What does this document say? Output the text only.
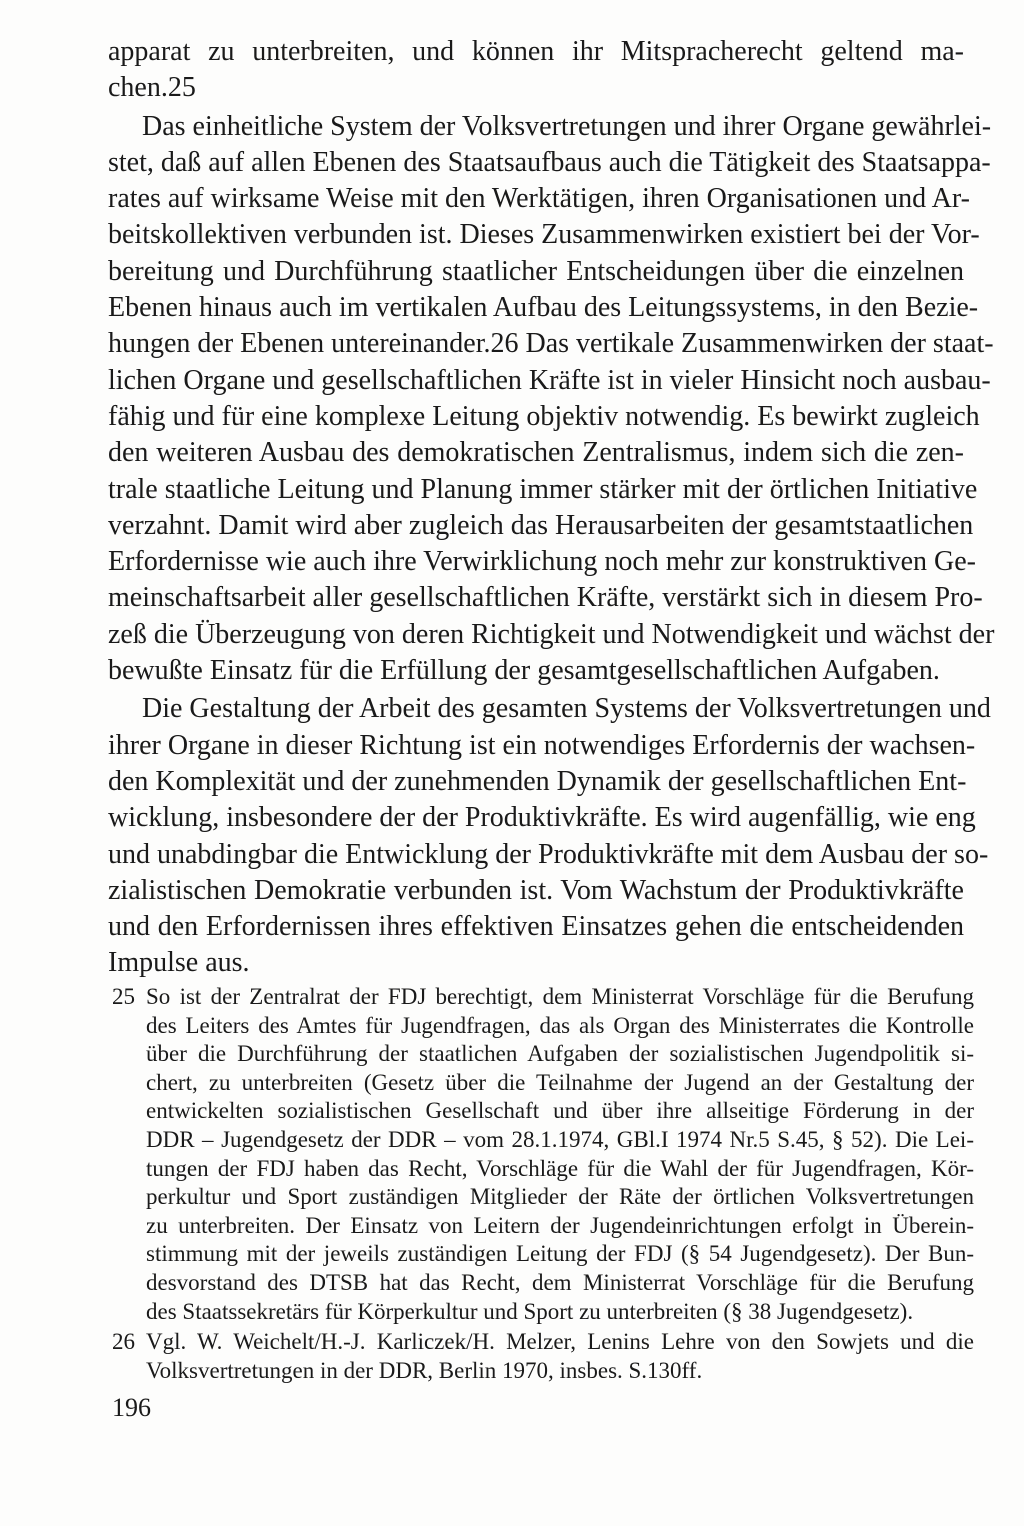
apparat zu unterbreiten, und können ihr Mitspracherecht geltend ma-
chen.25
Das einheitliche System der Volksvertretungen und ihrer Organe gewährlei-
stet, daß auf allen Ebenen des Staatsaufbaus auch die Tätigkeit des Staatsappa-
rates auf wirksame Weise mit den Werktätigen, ihren Organisationen und Ar-
beitskollektiven verbunden ist. Dieses Zusammenwirken existiert bei der Vor-
bereitung und Durchführung staatlicher Entscheidungen über die einzelnen
Ebenen hinaus auch im vertikalen Aufbau des Leitungssystems, in den Bezie-
hungen der Ebenen untereinander.26 Das vertikale Zusammenwirken der staat-
lichen Organe und gesellschaftlichen Kräfte ist in vieler Hinsicht noch ausbau-
fähig und für eine komplexe Leitung objektiv notwendig. Es bewirkt zugleich
den weiteren Ausbau des demokratischen Zentralismus, indem sich die zen-
trale staatliche Leitung und Planung immer stärker mit der örtlichen Initiative
verzahnt. Damit wird aber zugleich das Herausarbeiten der gesamtstaatlichen
Erfordernisse wie auch ihre Verwirklichung noch mehr zur konstruktiven Ge-
meinschaftsarbeit aller gesellschaftlichen Kräfte, verstärkt sich in diesem Pro-
zeß die Überzeugung von deren Richtigkeit und Notwendigkeit und wächst der
bewußte Einsatz für die Erfüllung der gesamtgesellschaftlichen Aufgaben.
Die Gestaltung der Arbeit des gesamten Systems der Volksvertretungen und
ihrer Organe in dieser Richtung ist ein notwendiges Erfordernis der wachsen-
den Komplexität und der zunehmenden Dynamik der gesellschaftlichen Ent-
wicklung, insbesondere der der Produktivkräfte. Es wird augenfällig, wie eng
und unabdingbar die Entwicklung der Produktivkräfte mit dem Ausbau der so-
zialistischen Demokratie verbunden ist. Vom Wachstum der Produktivkräfte
und den Erfordernissen ihres effektiven Einsatzes gehen die entscheidenden
Impulse aus.
25 So ist der Zentralrat der FDJ berechtigt, dem Ministerrat Vorschläge für die Berufung
des Leiters des Amtes für Jugendfragen, das als Organ des Ministerrates die Kontrolle
über die Durchführung der staatlichen Aufgaben der sozialistischen Jugendpolitik si-
chert, zu unterbreiten (Gesetz über die Teilnahme der Jugend an der Gestaltung der
entwickelten sozialistischen Gesellschaft und über ihre allseitige Förderung in der
DDR – Jugendgesetz der DDR – vom 28.1.1974, GBl.I 1974 Nr.5 S.45, § 52). Die Lei-
tungen der FDJ haben das Recht, Vorschläge für die Wahl der für Jugendfragen, Kör-
perkultur und Sport zuständigen Mitglieder der Räte der örtlichen Volksvertretungen
zu unterbreiten. Der Einsatz von Leitern der Jugendeinrichtungen erfolgt in Überein-
stimmung mit der jeweils zuständigen Leitung der FDJ (§ 54 Jugendgesetz). Der Bun-
desvorstand des DTSB hat das Recht, dem Ministerrat Vorschläge für die Berufung
des Staatssekretärs für Körperkultur und Sport zu unterbreiten (§ 38 Jugendgesetz).
26 Vgl. W. Weichelt/H.-J. Karliczek/H. Melzer, Lenins Lehre von den Sowjets und die
Volksvertretungen in der DDR, Berlin 1970, insbes. S.130ff.
196
